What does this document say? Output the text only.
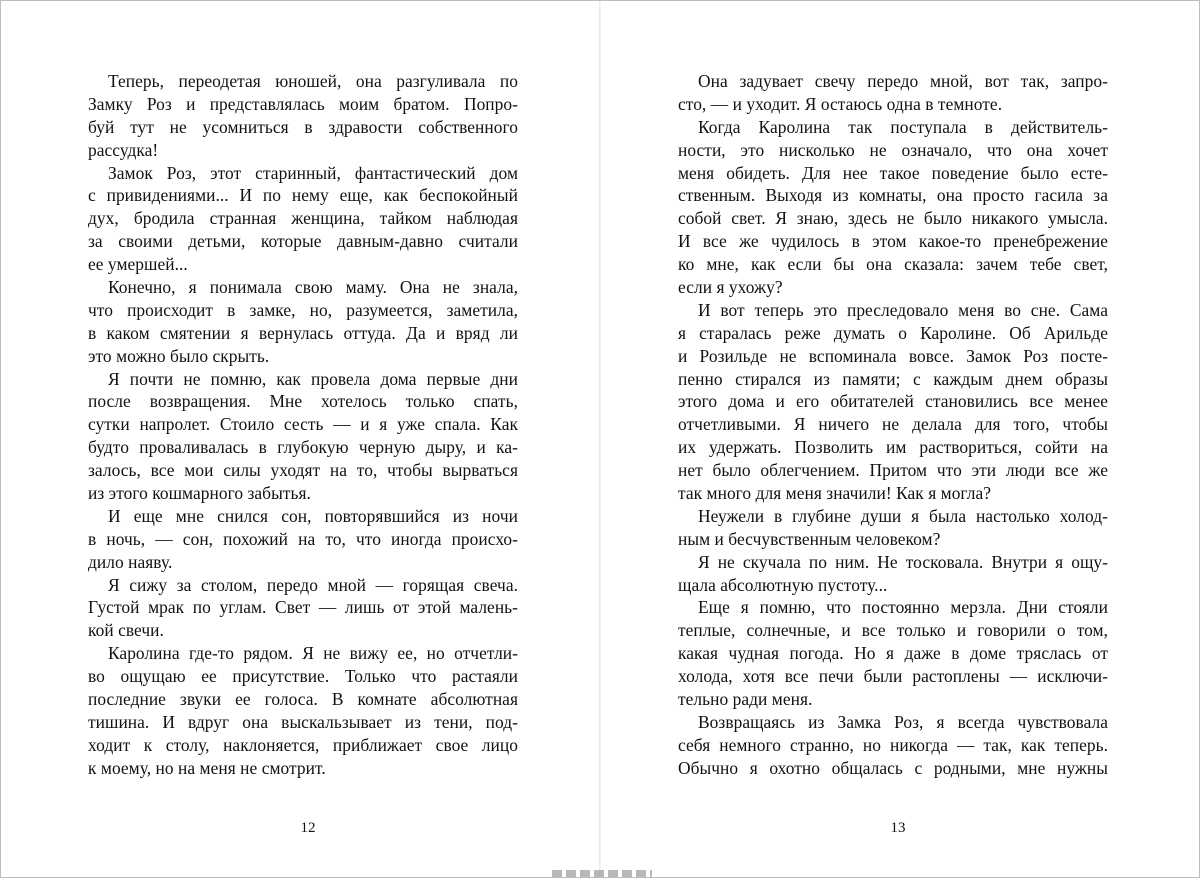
Теперь, переодетая юношей, она разгуливала по
Замку Роз и представлялась моим братом. Попро-
буй тут не усомниться в здравости собственного
рассудка!
Замок Роз, этот старинный, фантастический дом
с привидениями... И по нему еще, как беспокойный
дух, бродила странная женщина, тайком наблюдая
за своими детьми, которые давным-давно считали
ее умершей...
Конечно, я понимала свою маму. Она не знала,
что происходит в замке, но, разумеется, заметила,
в каком смятении я вернулась оттуда. Да и вряд ли
это можно было скрыть.
Я почти не помню, как провела дома первые дни
после возвращения. Мне хотелось только спать,
сутки напролет. Стоило сесть — и я уже спала. Как
будто проваливалась в глубокую черную дыру, и ка-
залось, все мои силы уходят на то, чтобы вырваться
из этого кошмарного забытья.
И еще мне снился сон, повторявшийся из ночи
в ночь, — сон, похожий на то, что иногда происхо-
дило наяву.
Я сижу за столом, передо мной — горящая свеча.
Густой мрак по углам. Свет — лишь от этой малень-
кой свечи.
Каролина где-то рядом. Я не вижу ее, но отчетли-
во ощущаю ее присутствие. Только что растаяли
последние звуки ее голоса. В комнате абсолютная
тишина. И вдруг она выскальзывает из тени, под-
ходит к столу, наклоняется, приближает свое лицо
к моему, но на меня не смотрит.
Она задувает свечу передо мной, вот так, запро-
сто, — и уходит. Я остаюсь одна в темноте.
Когда Каролина так поступала в действитель-
ности, это нисколько не означало, что она хочет
меня обидеть. Для нее такое поведение было есте-
ственным. Выходя из комнаты, она просто гасила за
собой свет. Я знаю, здесь не было никакого умысла.
И все же чудилось в этом какое-то пренебрежение
ко мне, как если бы она сказала: зачем тебе свет,
если я ухожу?
И вот теперь это преследовало меня во сне. Сама
я старалась реже думать о Каролине. Об Арильде
и Розильде не вспоминала вовсе. Замок Роз посте-
пенно стирался из памяти; с каждым днем образы
этого дома и его обитателей становились все менее
отчетливыми. Я ничего не делала для того, чтобы
их удержать. Позволить им раствориться, сойти на
нет было облегчением. Притом что эти люди все же
так много для меня значили! Как я могла?
Неужели в глубине души я была настолько холод-
ным и бесчувственным человеком?
Я не скучала по ним. Не тосковала. Внутри я ощу-
щала абсолютную пустоту...
Еще я помню, что постоянно мерзла. Дни стояли
теплые, солнечные, и все только и говорили о том,
какая чудная погода. Но я даже в доме тряслась от
холода, хотя все печи были растоплены — исключи-
тельно ради меня.
Возвращаясь из Замка Роз, я всегда чувствовала
себя немного странно, но никогда — так, как теперь.
Обычно я охотно общалась с родными, мне нужны
12	13
